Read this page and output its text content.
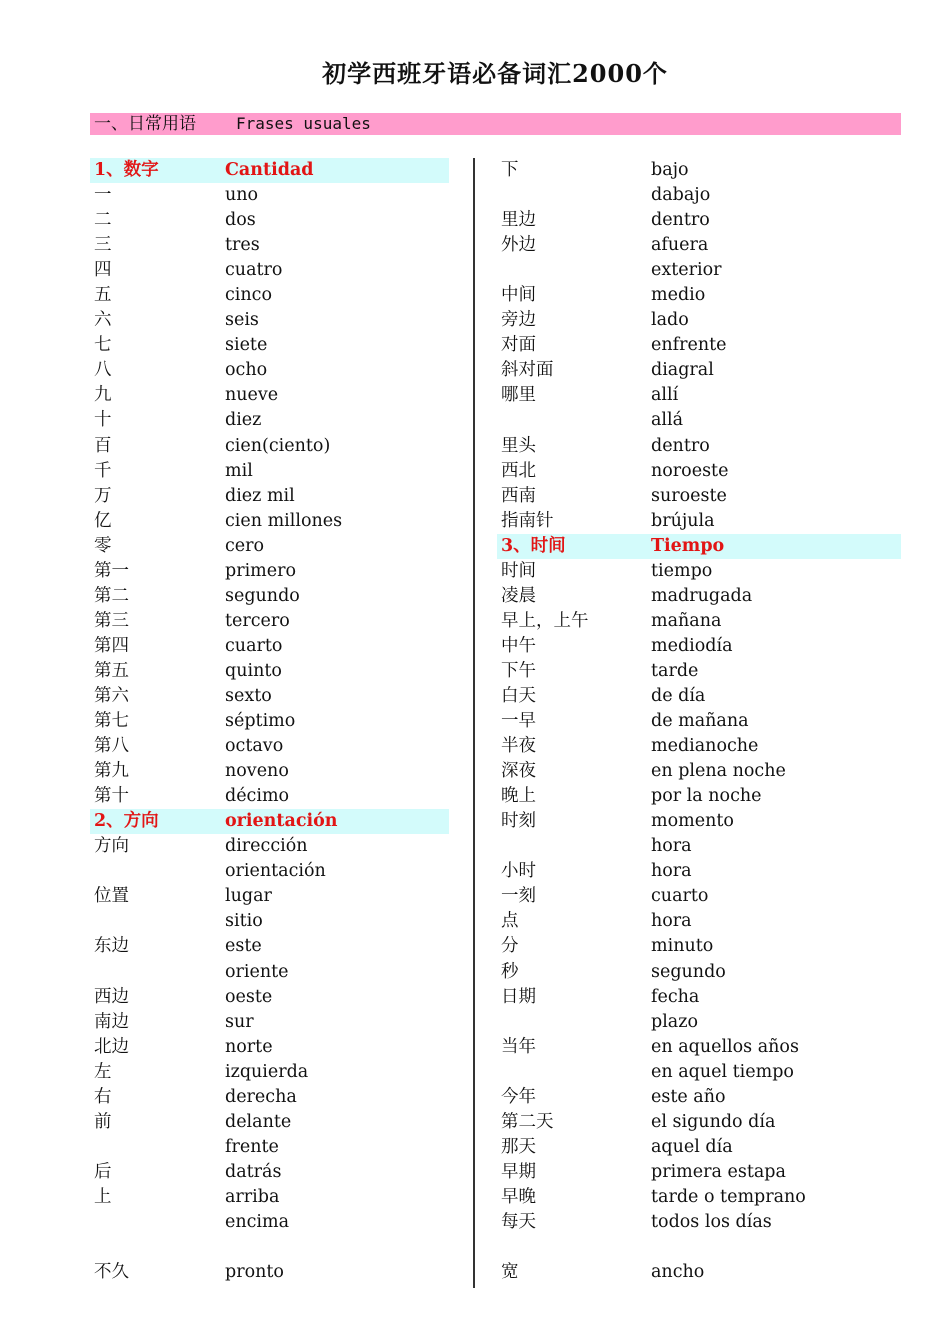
初学西班牙语必备词汇2000个
一、日常用语	Frases usuales
1、数字	Cantidad
一	uno
二	dos
三	tres
四	cuatro
五	cinco
六	seis
七	siete
八	ocho
九	nueve
十	diez
百	cien(ciento)
千	mil
万	diez mil
亿	cien millones
零	cero
第一	primero
第二	segundo
第三	tercero
第四	cuarto
第五	quinto
第六	sexto
第七	séptimo
第八	octavo
第九	noveno
第十	décimo
2、方向	orientación
方向	dirección
orientación
位置	lugar
sitio
东边	este
oriente
西边	oeste
南边	sur
北边	norte
左	izquierda
右	derecha
前	delante
frente
后	datrás
上	arriba
encima
不久	pronto
下	bajo
dabajo
里边	dentro
外边	afuera
exterior
中间	medio
旁边	lado
对面	enfrente
斜对面	diagral
哪里	allí
allá
里头	dentro
西北	noroeste
西南	suroeste
指南针	brújula
3、时间	Tiempo
时间	tiempo
凌晨	madrugada
早上，上午	mañana
中午	mediodía
下午	tarde
白天	de día
一早	de mañana
半夜	medianoche
深夜	en plena noche
晚上	por la noche
时刻	momento
hora
小时	hora
一刻	cuarto
点	hora
分	minuto
秒	segundo
日期	fecha
plazo
当年	en aquellos años
en aquel tiempo
今年	este año
第二天	el sigundo día
那天	aquel día
早期	primera estapa
早晚	tarde o temprano
每天	todos los días
宽	ancho
